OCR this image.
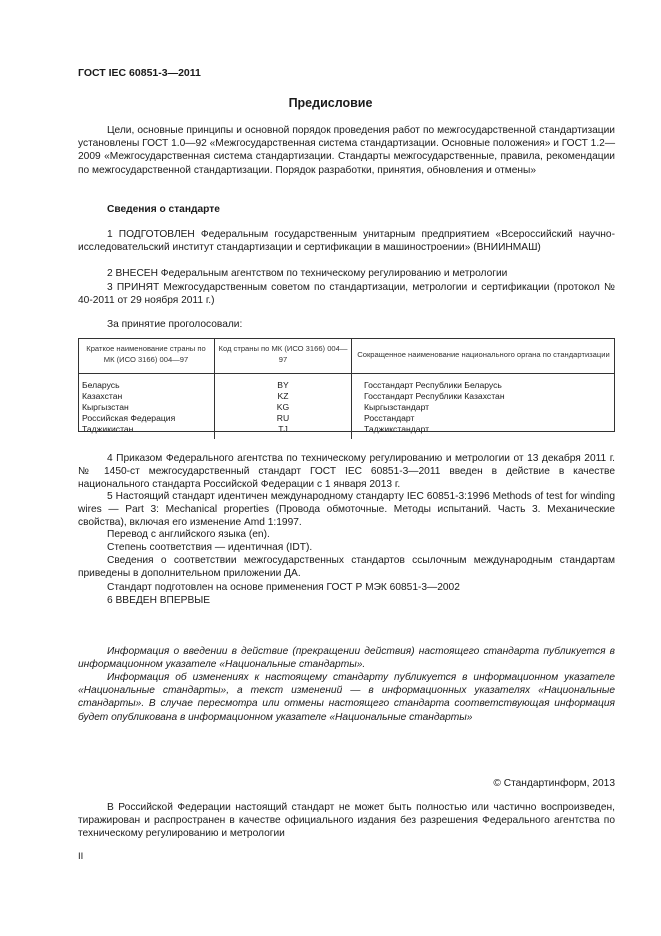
ГОСТ IEC 60851-3—2011
Предисловие
Цели, основные принципы и основной порядок проведения работ по межгосударственной стандартизации установлены ГОСТ 1.0—92 «Межгосударственная система стандартизации. Основные положения» и ГОСТ 1.2—2009 «Межгосударственная система стандартизации. Стандарты межгосударственные, правила, рекомендации по межгосударственной стандартизации. Порядок разработки, принятия, обновления и отмены»
Сведения о стандарте
1 ПОДГОТОВЛЕН Федеральным государственным унитарным предприятием «Всероссийский научно-исследовательский институт стандартизации и сертификации в машиностроении» (ВНИИНМАШ)
2 ВНЕСЕН Федеральным агентством по техническому регулированию и метрологии
3 ПРИНЯТ Межгосударственным советом по стандартизации, метрологии и сертификации (протокол № 40-2011 от 29 ноября 2011 г.)
За принятие проголосовали:
Краткое наименование страны по МК (ИСО 3166) 004—97	Код страны по МК (ИСО 3166) 004—97	Сокращенное наименование национального органа по стандартизации
Беларусь	BY	Госстандарт Республики Беларусь
Казахстан	KZ	Госстандарт Республики Казахстан
Кыргызстан	KG	Кыргызстандарт
Российская Федерация	RU	Росстандарт
Таджикистан	TJ	Таджикстандарт
4 Приказом Федерального агентства по техническому регулированию и метрологии от 13 декабря 2011 г. № 1450-ст межгосударственный стандарт ГОСТ IEC 60851-3—2011 введен в действие в качестве национального стандарта Российской Федерации с 1 января 2013 г.
5 Настоящий стандарт идентичен международному стандарту IEC 60851-3:1996 Methods of test for winding wires — Part 3: Mechanical properties (Провода обмоточные. Методы испытаний. Часть 3. Механические свойства), включая его изменение Amd 1:1997.
Перевод с английского языка (en).
Степень соответствия — идентичная (IDT).
Сведения о соответствии межгосударственных стандартов ссылочным международным стандартам приведены в дополнительном приложении ДА.
Стандарт подготовлен на основе применения ГОСТ Р МЭК 60851-3—2002
6 ВВЕДЕН ВПЕРВЫЕ
Информация о введении в действие (прекращении действия) настоящего стандарта публикуется в информационном указателе «Национальные стандарты».
Информация об изменениях к настоящему стандарту публикуется в информационном указателе «Национальные стандарты», а текст изменений — в информационных указателях «Национальные стандарты». В случае пересмотра или отмены настоящего стандарта соответствующая информация будет опубликована в информационном указателе «Национальные стандарты»
© Стандартинформ, 2013
В Российской Федерации настоящий стандарт не может быть полностью или частично воспроизведен, тиражирован и распространен в качестве официального издания без разрешения Федерального агентства по техническому регулированию и метрологии
II
